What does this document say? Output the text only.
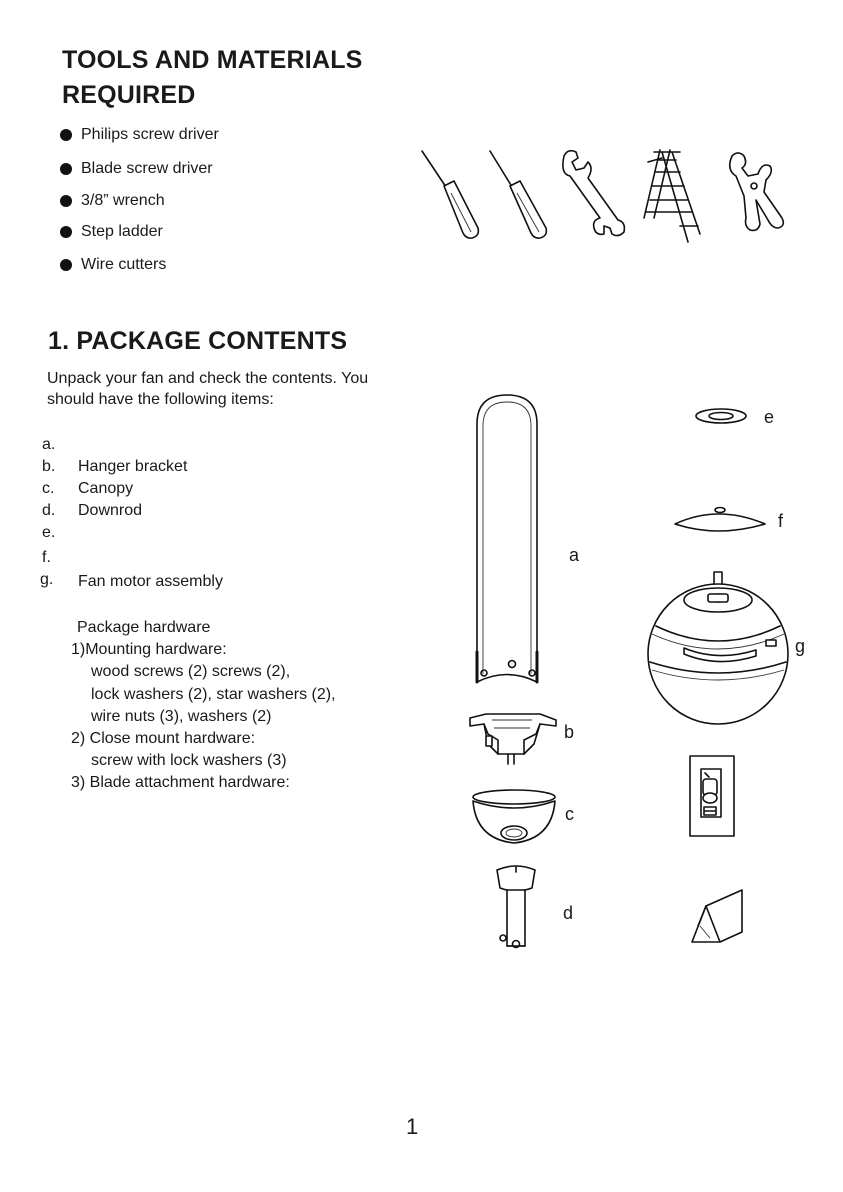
TOOLS AND MATERIALS
REQUIRED
Philips screw driver
Blade screw driver
3/8” wrench
Step ladder
Wire cutters
1. PACKAGE CONTENTS
Unpack your fan and check the contents. You
should have the following items:
a.
b. Hanger bracket
c. Canopy
d. Downrod
e.
f.
g. Fan motor assembly
Package hardware
1)Mounting hardware:
wood screws (2) screws (2),
lock washers (2), star washers (2),
wire nuts (3), washers (2)
2) Close mount hardware:
screw with lock washers (3)
3) Blade attachment hardware:
a
b
c
d
e
f
g
1
